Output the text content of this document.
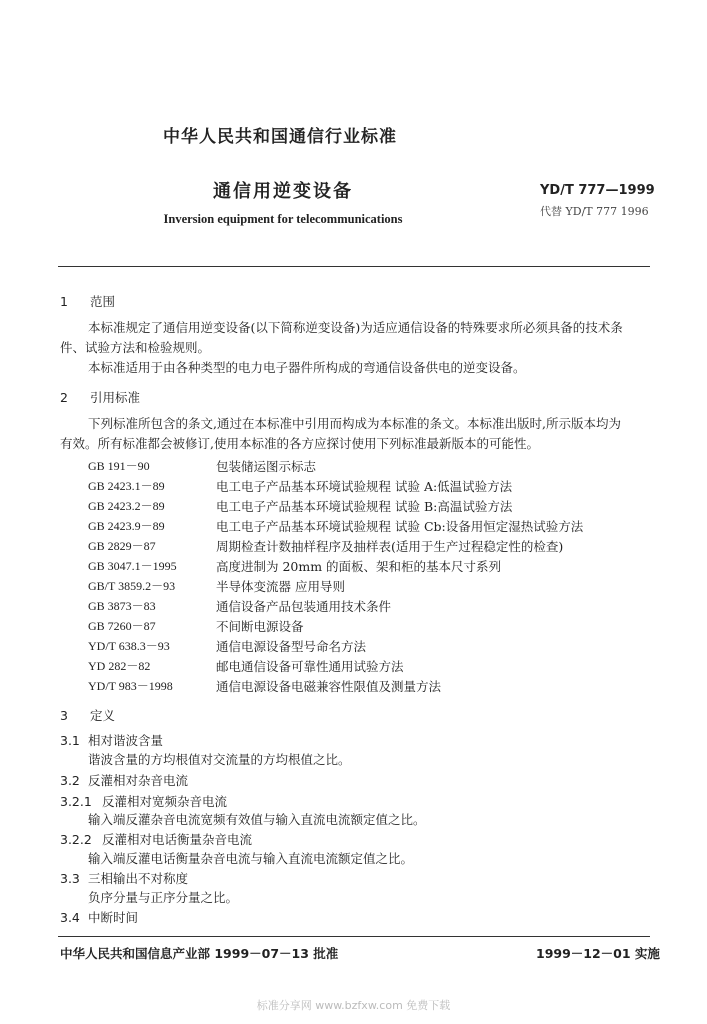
中华人民共和国通信行业标准
通信用逆变设备
Inversion equipment for telecommunications
YD/T 777—1999
代替 YD/T 777 1996
1 范围
本标准规定了通信用逆变设备(以下简称逆变设备)为适应通信设备的特殊要求所必须具备的技术条
件、试验方法和检验规则。
本标准适用于由各种类型的电力电子器件所构成的弯通信设备供电的逆变设备。
2 引用标准
下列标准所包含的条文,通过在本标准中引用而构成为本标准的条文。本标准出版时,所示版本均为
有效。所有标准都会被修订,使用本标准的各方应探讨使用下列标准最新版本的可能性。
GB 191－90	包装储运图示标志
GB 2423.1－89	电工电子产品基本环境试验规程 试验 A:低温试验方法
GB 2423.2－89	电工电子产品基本环境试验规程 试验 B:高温试验方法
GB 2423.9－89	电工电子产品基本环境试验规程 试验 Cb:设备用恒定湿热试验方法
GB 2829－87	周期检查计数抽样程序及抽样表(适用于生产过程稳定性的检查)
GB 3047.1－1995	高度进制为 20mm 的面板、架和柜的基本尺寸系列
GB/T 3859.2－93	半导体变流器 应用导则
GB 3873－83	通信设备产品包装通用技术条件
GB 7260－87	不间断电源设备
YD/T 638.3－93	通信电源设备型号命名方法
YD 282－82	邮电通信设备可靠性通用试验方法
YD/T 983－1998	通信电源设备电磁兼容性限值及测量方法
3 定义
3.1 相对谐波含量
谐波含量的方均根值对交流量的方均根值之比。
3.2 反灌相对杂音电流
3.2.1 反灌相对宽频杂音电流
输入端反灌杂音电流宽频有效值与输入直流电流额定值之比。
3.2.2 反灌相对电话衡量杂音电流
输入端反灌电话衡量杂音电流与输入直流电流额定值之比。
3.3 三相输出不对称度
负序分量与正序分量之比。
3.4 中断时间
中华人民共和国信息产业部 1999－07－13 批准	1999－12－01 实施
标准分享网 www.bzfxw.com 免费下载
